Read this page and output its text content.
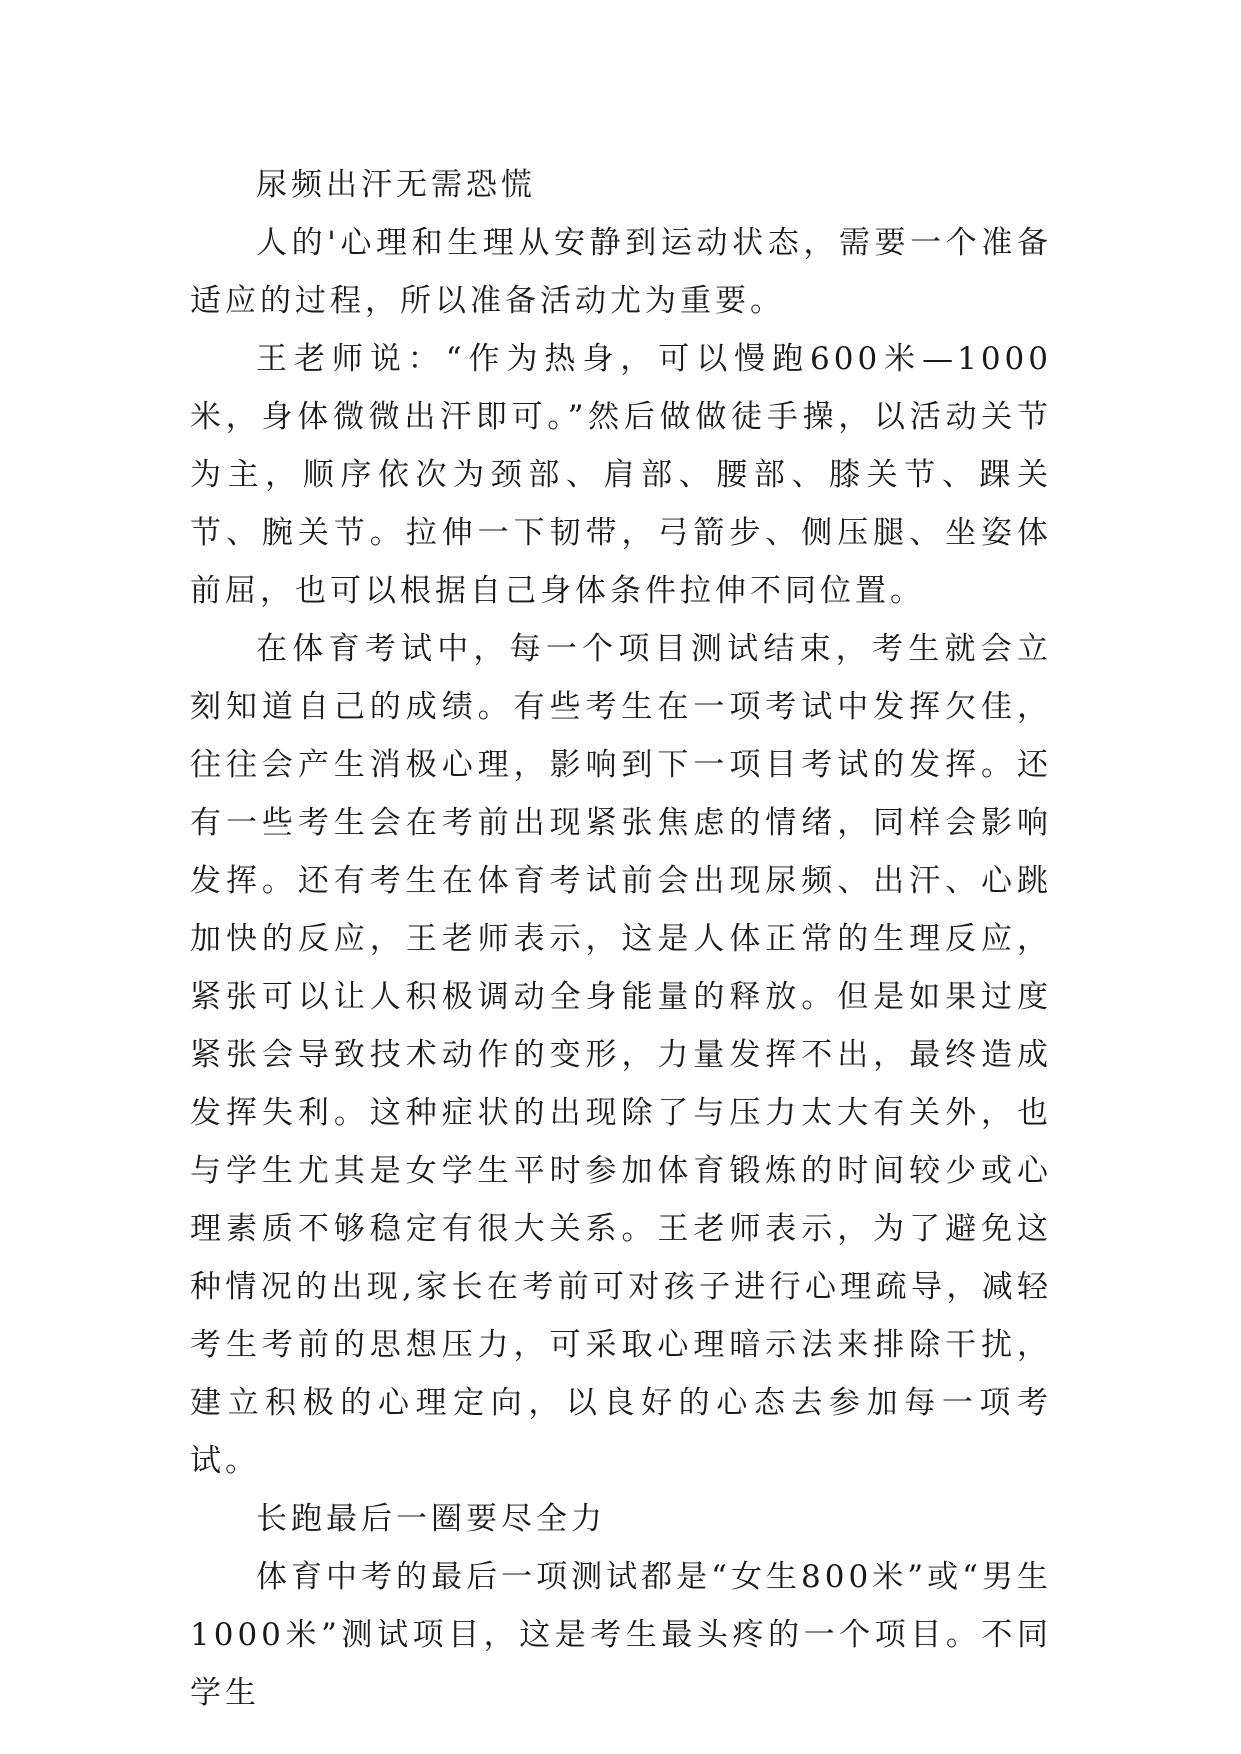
尿频出汗无需恐慌

人的'心理和生理从安静到运动状态，需要一个准备适应的过程，所以准备活动尤为重要。

王老师说：“作为热身，可以慢跑600米—1000米，身体微微出汗即可。”然后做做徒手操，以活动关节为主，顺序依次为颈部、肩部、腰部、膝关节、踝关节、腕关节。拉伸一下韧带，弓箭步、侧压腿、坐姿体前屈，也可以根据自己身体条件拉伸不同位置。

在体育考试中，每一个项目测试结束，考生就会立刻知道自己的成绩。有些考生在一项考试中发挥欠佳，往往会产生消极心理，影响到下一项目考试的发挥。还有一些考生会在考前出现紧张焦虑的情绪，同样会影响发挥。还有考生在体育考试前会出现尿频、出汗、心跳加快的反应，王老师表示，这是人体正常的生理反应，紧张可以让人积极调动全身能量的释放。但是如果过度紧张会导致技术动作的变形，力量发挥不出，最终造成发挥失利。这种症状的出现除了与压力太大有关外，也与学生尤其是女学生平时参加体育锻炼的时间较少或心理素质不够稳定有很大关系。王老师表示，为了避免这种情况的出现,家长在考前可对孩子进行心理疏导，减轻考生考前的思想压力，可采取心理暗示法来排除干扰，建立积极的心理定向，以良好的心态去参加每一项考试。

长跑最后一圈要尽全力

体育中考的最后一项测试都是“女生800米”或“男生1000米”测试项目，这是考生最头疼的一个项目。不同学生
